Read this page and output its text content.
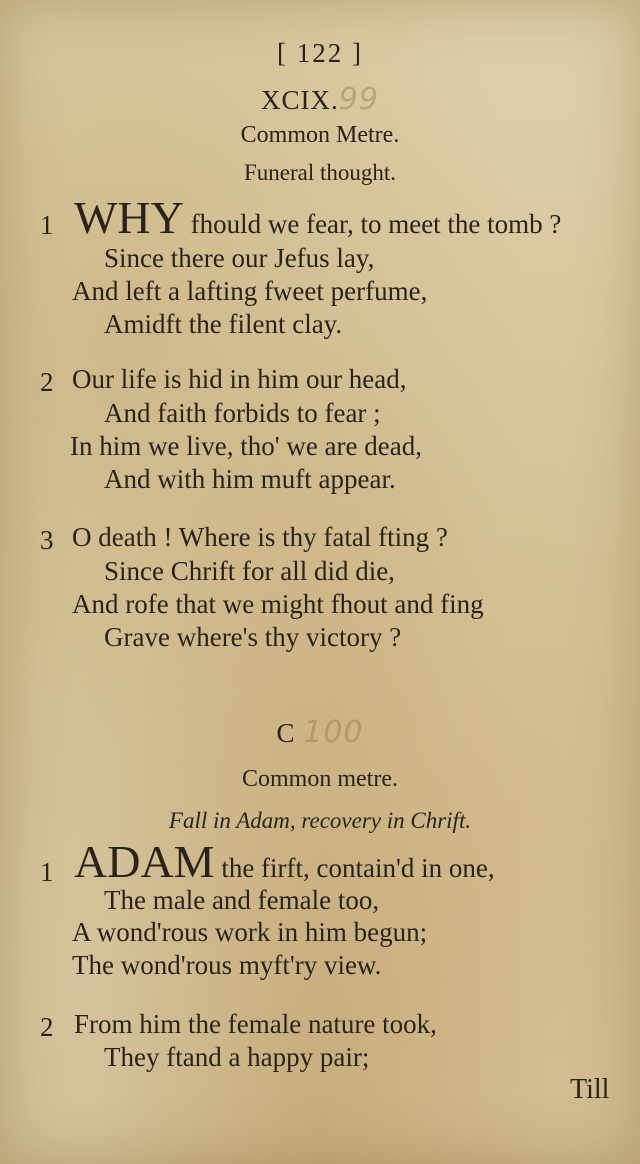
[ 122 ]
XCIX.99
Common Metre.
Funeral thought.
1 WHY fhould we fear, to meet the tomb ?
Since there our Jefus lay,
And left a lafting fweet perfume,
Amidft the filent clay.
2 Our life is hid in him our head,
And faith forbids to fear ;
In him we live, tho' we are dead,
And with him muft appear.
3 O death ! Where is thy fatal fting ?
Since Chrift for all did die,
And rofe that we might fhout and fing
Grave where's thy victory ?
C 100
Common metre.
Fall in Adam, recovery in Chrift.
1 ADAM the firft, contain'd in one,
The male and female too,
A wond'rous work in him begun;
The wond'rous myft'ry view.
2 From him the female nature took,
They ftand a happy pair;
Till
